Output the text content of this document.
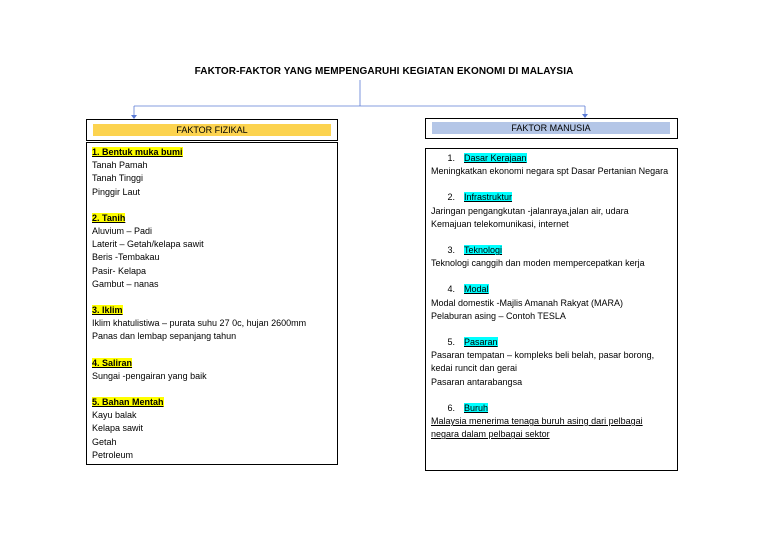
FAKTOR-FAKTOR YANG MEMPENGARUHI KEGIATAN EKONOMI DI MALAYSIA
FAKTOR FIZIKAL
1. Bentuk muka bumi
Tanah Pamah
Tanah Tinggi
Pinggir Laut
2. Tanih
Aluvium – Padi
Laterit – Getah/kelapa sawit
Beris -Tembakau
Pasir- Kelapa
Gambut – nanas
3. Iklim
Iklim khatulistiwa – purata suhu 27 0c, hujan 2600mm
Panas dan lembap sepanjang tahun
4. Saliran
Sungai -pengairan yang baik
5. Bahan Mentah
Kayu balak
Kelapa sawit
Getah
Petroleum
FAKTOR MANUSIA
1. Dasar Kerajaan
Meningkatkan ekonomi negara spt Dasar Pertanian Negara
2. Infrastruktur
Jaringan pengangkutan -jalanraya,jalan air, udara
Kemajuan telekomunikasi, internet
3. Teknologi
Teknologi canggih dan moden mempercepatkan kerja
4. Modal
Modal domestik -Majlis Amanah Rakyat (MARA)
Pelaburan asing – Contoh TESLA
5. Pasaran
Pasaran tempatan – kompleks beli belah, pasar borong,
kedai runcit dan gerai
Pasaran antarabangsa
6. Buruh
Malaysia menerima tenaga buruh asing dari pelbagai
negara dalam pelbagai sektor
